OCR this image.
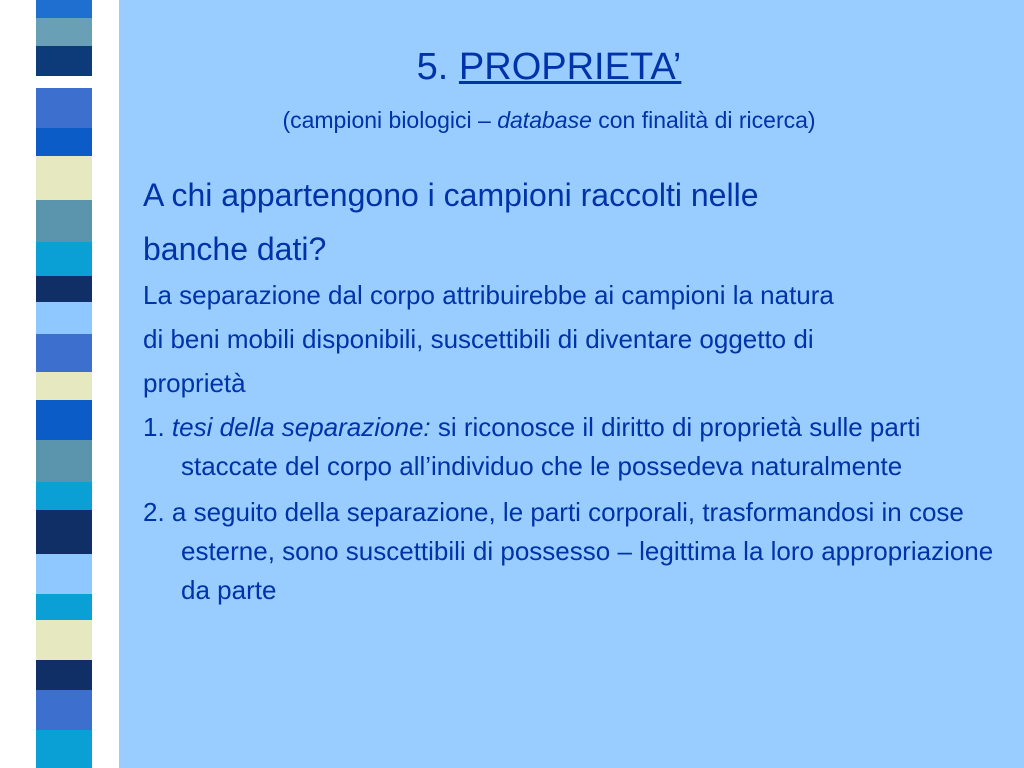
5. PROPRIETA’
(campioni biologici – database con finalità di ricerca)

A chi appartengono i campioni raccolti nelle

banche dati?

La separazione dal corpo attribuirebbe ai campioni la natura

di beni mobili disponibili, suscettibili di diventare oggetto di

proprietà

1. tesi della separazione: si riconosce il diritto di proprietà sulle parti staccate del corpo all’individuo che le possedeva naturalmente

2. a seguito della separazione, le parti corporali, trasformandosi in cose esterne, sono suscettibili di possesso – legittima la loro appropriazione da parte
